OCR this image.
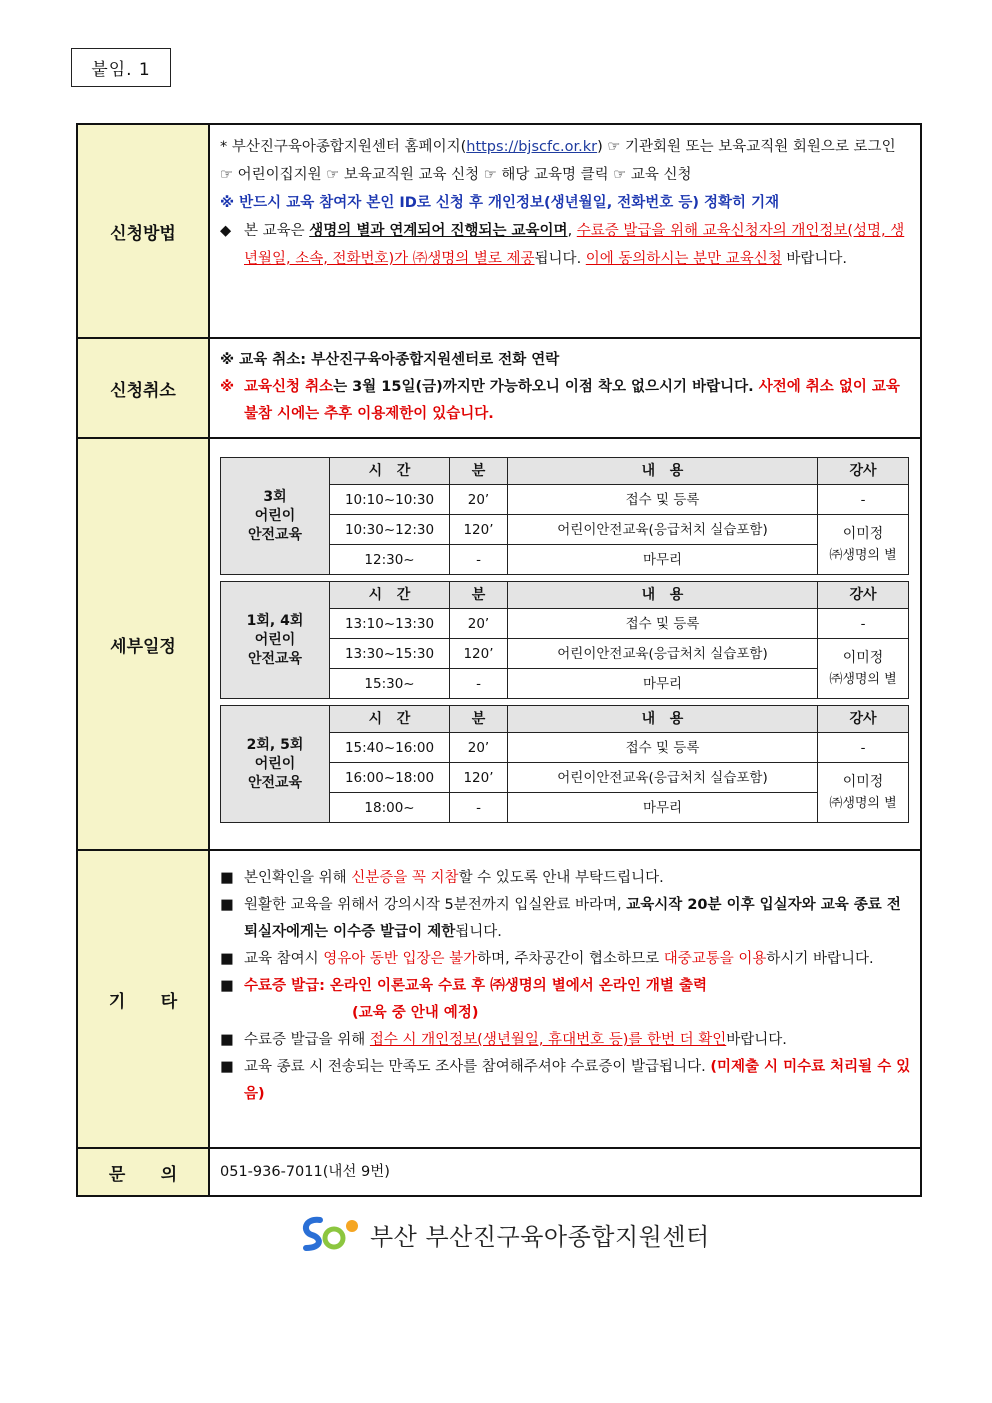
붙임. 1
신청방법	
* 부산진구육아종합지원센터 홈페이지(https://bjscfc.or.kr) ☞ 기관회원 또는 보육교직원 회원으로 로그인 ☞ 어린이집지원 ☞ 보육교직원 교육 신청 ☞ 해당 교육명 클릭 ☞ 교육 신청
※ 반드시 교육 참여자 본인 ID로 신청 후 개인정보(생년월일, 전화번호 등) 정확히 기재
◆ 본 교육은 생명의 별과 연계되어 진행되는 교육이며, 수료증 발급을 위해 교육신청자의 개인정보(성명, 생년월일, 소속, 전화번호)가 ㈜생명의 별로 제공됩니다. 이에 동의하시는 분만 교육신청 바랍니다.

신청취소	
※ 교육 취소: 부산진구육아종합지원센터로 전화 연락
※ 교육신청 취소는 3월 15일(금)까지만 가능하오니 이점 착오 없으시기 바랍니다. 사전에 취소 없이 교육 불참 시에는 추후 이용제한이 있습니다.

세부일정	
3회
어린이
안전교육	시   간	분	내   용	강사
10:10~10:30	20’	접수 및 등록	-
10:30~12:30	120’	어린이안전교육(응급처치 실습포함)	이미정
㈜생명의 별

12:30~	-	마무리

1회, 4회
어린이
안전교육	시   간	분	내   용	강사
13:10~13:30	20’	접수 및 등록	-
13:30~15:30	120’	어린이안전교육(응급처치 실습포함)	이미정
㈜생명의 별

15:30~	-	마무리

2회, 5회
어린이
안전교육	시   간	분	내   용	강사
15:40~16:00	20’	접수 및 등록	-
16:00~18:00	120’	어린이안전교육(응급처치 실습포함)	이미정
㈜생명의 별

18:00~	-	마무리

기      타	
■ 본인확인을 위해 신분증을 꼭 지참할 수 있도록 안내 부탁드립니다.
■ 원활한 교육을 위해서 강의시작 5분전까지 입실완료 바라며, 교육시작 20분 이후 입실자와 교육 종료 전 퇴실자에게는 이수증 발급이 제한됩니다.
■ 교육 참여시 영유아 동반 입장은 불가하며, 주차공간이 협소하므로 대중교통을 이용하시기 바랍니다.
■ 수료증 발급: 온라인 이론교육 수료 후 ㈜생명의 별에서 온라인 개별 출력
(교육 중 안내 예정)
■ 수료증 발급을 위해 접수 시 개인정보(생년월일, 휴대번호 등)를 한번 더 확인바랍니다.
■ 교육 종료 시 전송되는 만족도 조사를 참여해주셔야 수료증이 발급됩니다. (미제출 시 미수료 처리될 수 있음)

문      의	051-936-7011(내선 9번)
부산 부산진구육아종합지원센터
